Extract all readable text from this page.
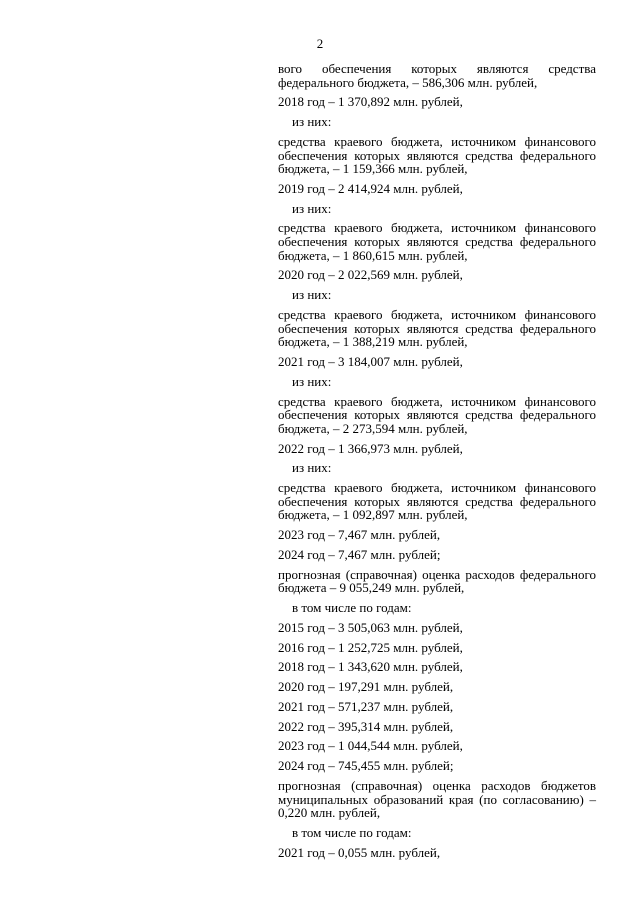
2

вого обеспечения которых являются средства федерального бюджета, – 586,306 млн. рублей,

2018 год – 1 370,892 млн. рублей,

из них:

средства краевого бюджета, источником финансового обеспечения которых являются средства федерального бюджета, – 1 159,366 млн. рублей,

2019 год – 2 414,924 млн. рублей,

из них:

средства краевого бюджета, источником финансового обеспечения которых являются средства федерального бюджета, – 1 860,615 млн. рублей,

2020 год – 2 022,569 млн. рублей,

из них:

средства краевого бюджета, источником финансового обеспечения которых являются средства федерального бюджета, – 1 388,219 млн. рублей,

2021 год – 3 184,007 млн. рублей,

из них:

средства краевого бюджета, источником финансового обеспечения которых являются средства федерального бюджета, – 2 273,594 млн. рублей,

2022 год – 1 366,973 млн. рублей,

из них:

средства краевого бюджета, источником финансового обеспечения которых являются средства федерального бюджета, – 1 092,897 млн. рублей,

2023 год – 7,467 млн. рублей,

2024 год – 7,467 млн. рублей;

прогнозная (справочная) оценка расходов федерального бюджета – 9 055,249 млн. рублей,

в том числе по годам:

2015 год – 3 505,063 млн. рублей,

2016 год – 1 252,725 млн. рублей,

2018 год – 1 343,620 млн. рублей,

2020 год – 197,291 млн. рублей,

2021 год – 571,237 млн. рублей,

2022 год – 395,314 млн. рублей,

2023 год – 1 044,544 млн. рублей,

2024 год – 745,455 млн. рублей;

прогнозная (справочная) оценка расходов бюджетов муниципальных образований края (по согласованию) – 0,220 млн. рублей,

в том числе по годам:

2021 год – 0,055 млн. рублей,
